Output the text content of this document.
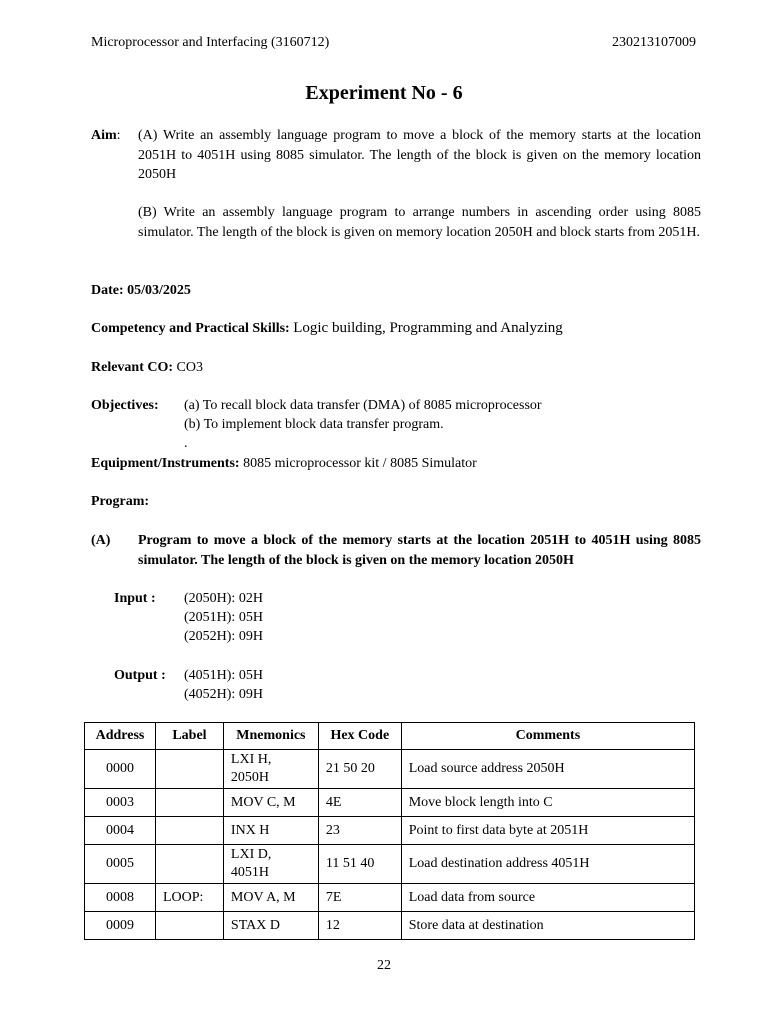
Microprocessor and Interfacing (3160712)	230213107009
Experiment No - 6
Aim: (A) Write an assembly language program to move a block of the memory starts at the location 2051H to 4051H using 8085 simulator. The length of the block is given on the memory location 2050H
(B) Write an assembly language program to arrange numbers in ascending order using 8085 simulator. The length of the block is given on memory location 2050H and block starts from 2051H.
Date: 05/03/2025
Competency and Practical Skills: Logic building, Programming and Analyzing
Relevant CO: CO3
Objectives: (a) To recall block data transfer (DMA) of 8085 microprocessor
(b) To implement block data transfer program.
.
Equipment/Instruments: 8085 microprocessor kit / 8085 Simulator
Program:
(A) Program to move a block of the memory starts at the location 2051H to 4051H using 8085 simulator. The length of the block is given on the memory location 2050H
Input : (2050H): 02H
(2051H): 05H
(2052H): 09H
Output : (4051H): 05H
(4052H): 09H
Address	Label	Mnemonics	Hex Code	Comments
0000		LXI H, 2050H	21 50 20	Load source address 2050H
0003		MOV C, M	4E	Move block length into C
0004		INX H	23	Point to first data byte at 2051H
0005		LXI D, 4051H	11 51 40	Load destination address 4051H
0008	LOOP:	MOV A, M	7E	Load data from source
0009		STAX D	12	Store data at destination
22
